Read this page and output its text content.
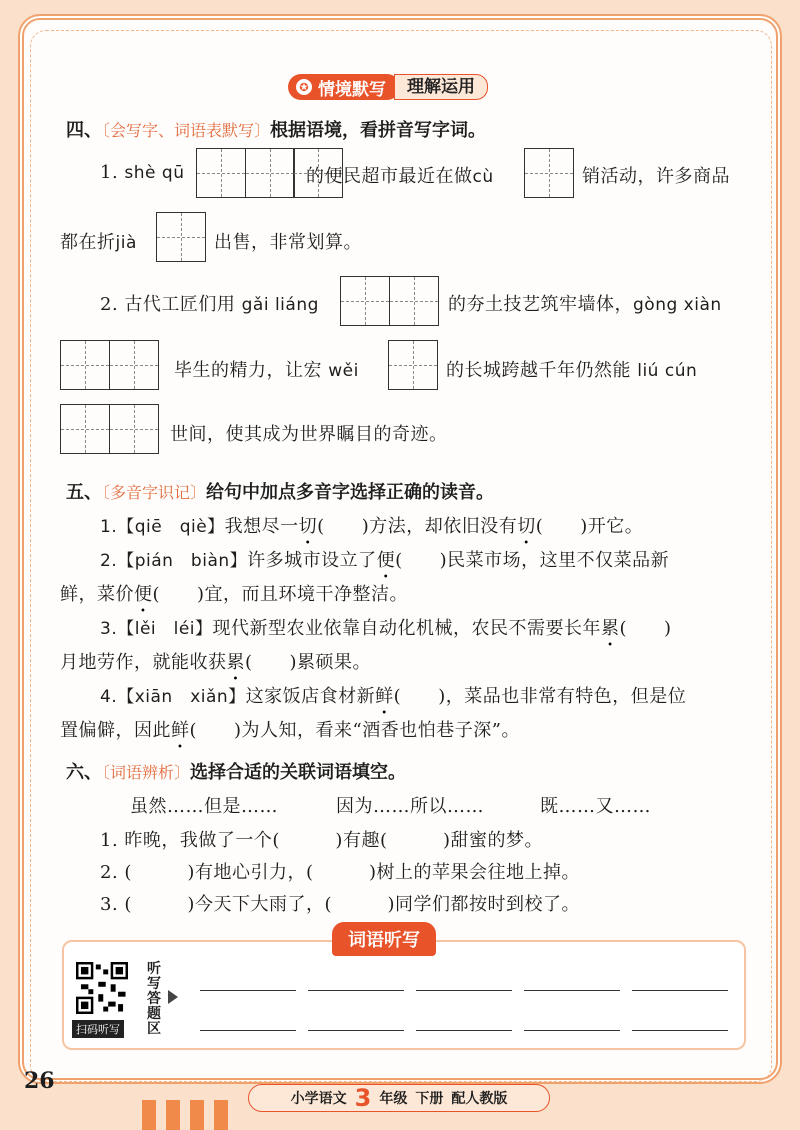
✪ 情境默写	理解运用
四、〔会写字、词语表默写〕根据语境，看拼音写字词。
1. shè qū	的便民超市最近在做cù	销活动，许多商品
都在折jià	出售，非常划算。
2. 古代工匠们用 gǎi liáng	的夯土技艺筑牢墙体，gòng xiàn
毕生的精力，让宏 wěi	的长城跨越千年仍然能 liú cún
世间，使其成为世界瞩目的奇迹。
五、〔多音字识记〕给句中加点多音字选择正确的读音。
1.【qiē　qiè】我想尽一切(　　)方法，却依旧没有切(　　)开它。
2.【pián　biàn】许多城市设立了便(　　)民菜市场，这里不仅菜品新
鲜，菜价便(　　)宜，而且环境干净整洁。
3.【lěi　léi】现代新型农业依靠自动化机械，农民不需要长年累(　　)
月地劳作，就能收获累(　　)累硕果。
4.【xiān　xiǎn】这家饭店食材新鲜(　　)，菜品也非常有特色，但是位
置偏僻，因此鲜(　　)为人知，看来“酒香也怕巷子深”。
六、〔词语辨析〕选择合适的关联词语填空。
虽然……但是……	因为……所以……	既……又……
1. 昨晚，我做了一个(　　　)有趣(　　　)甜蜜的梦。
2. (　　　)有地心引力，(　　　)树上的苹果会往地上掉。
3. (　　　)今天下大雨了，(　　　)同学们都按时到校了。
词语听写
扫码听写
听写答题区
26
小学语文 3 年级 下册 配人教版
